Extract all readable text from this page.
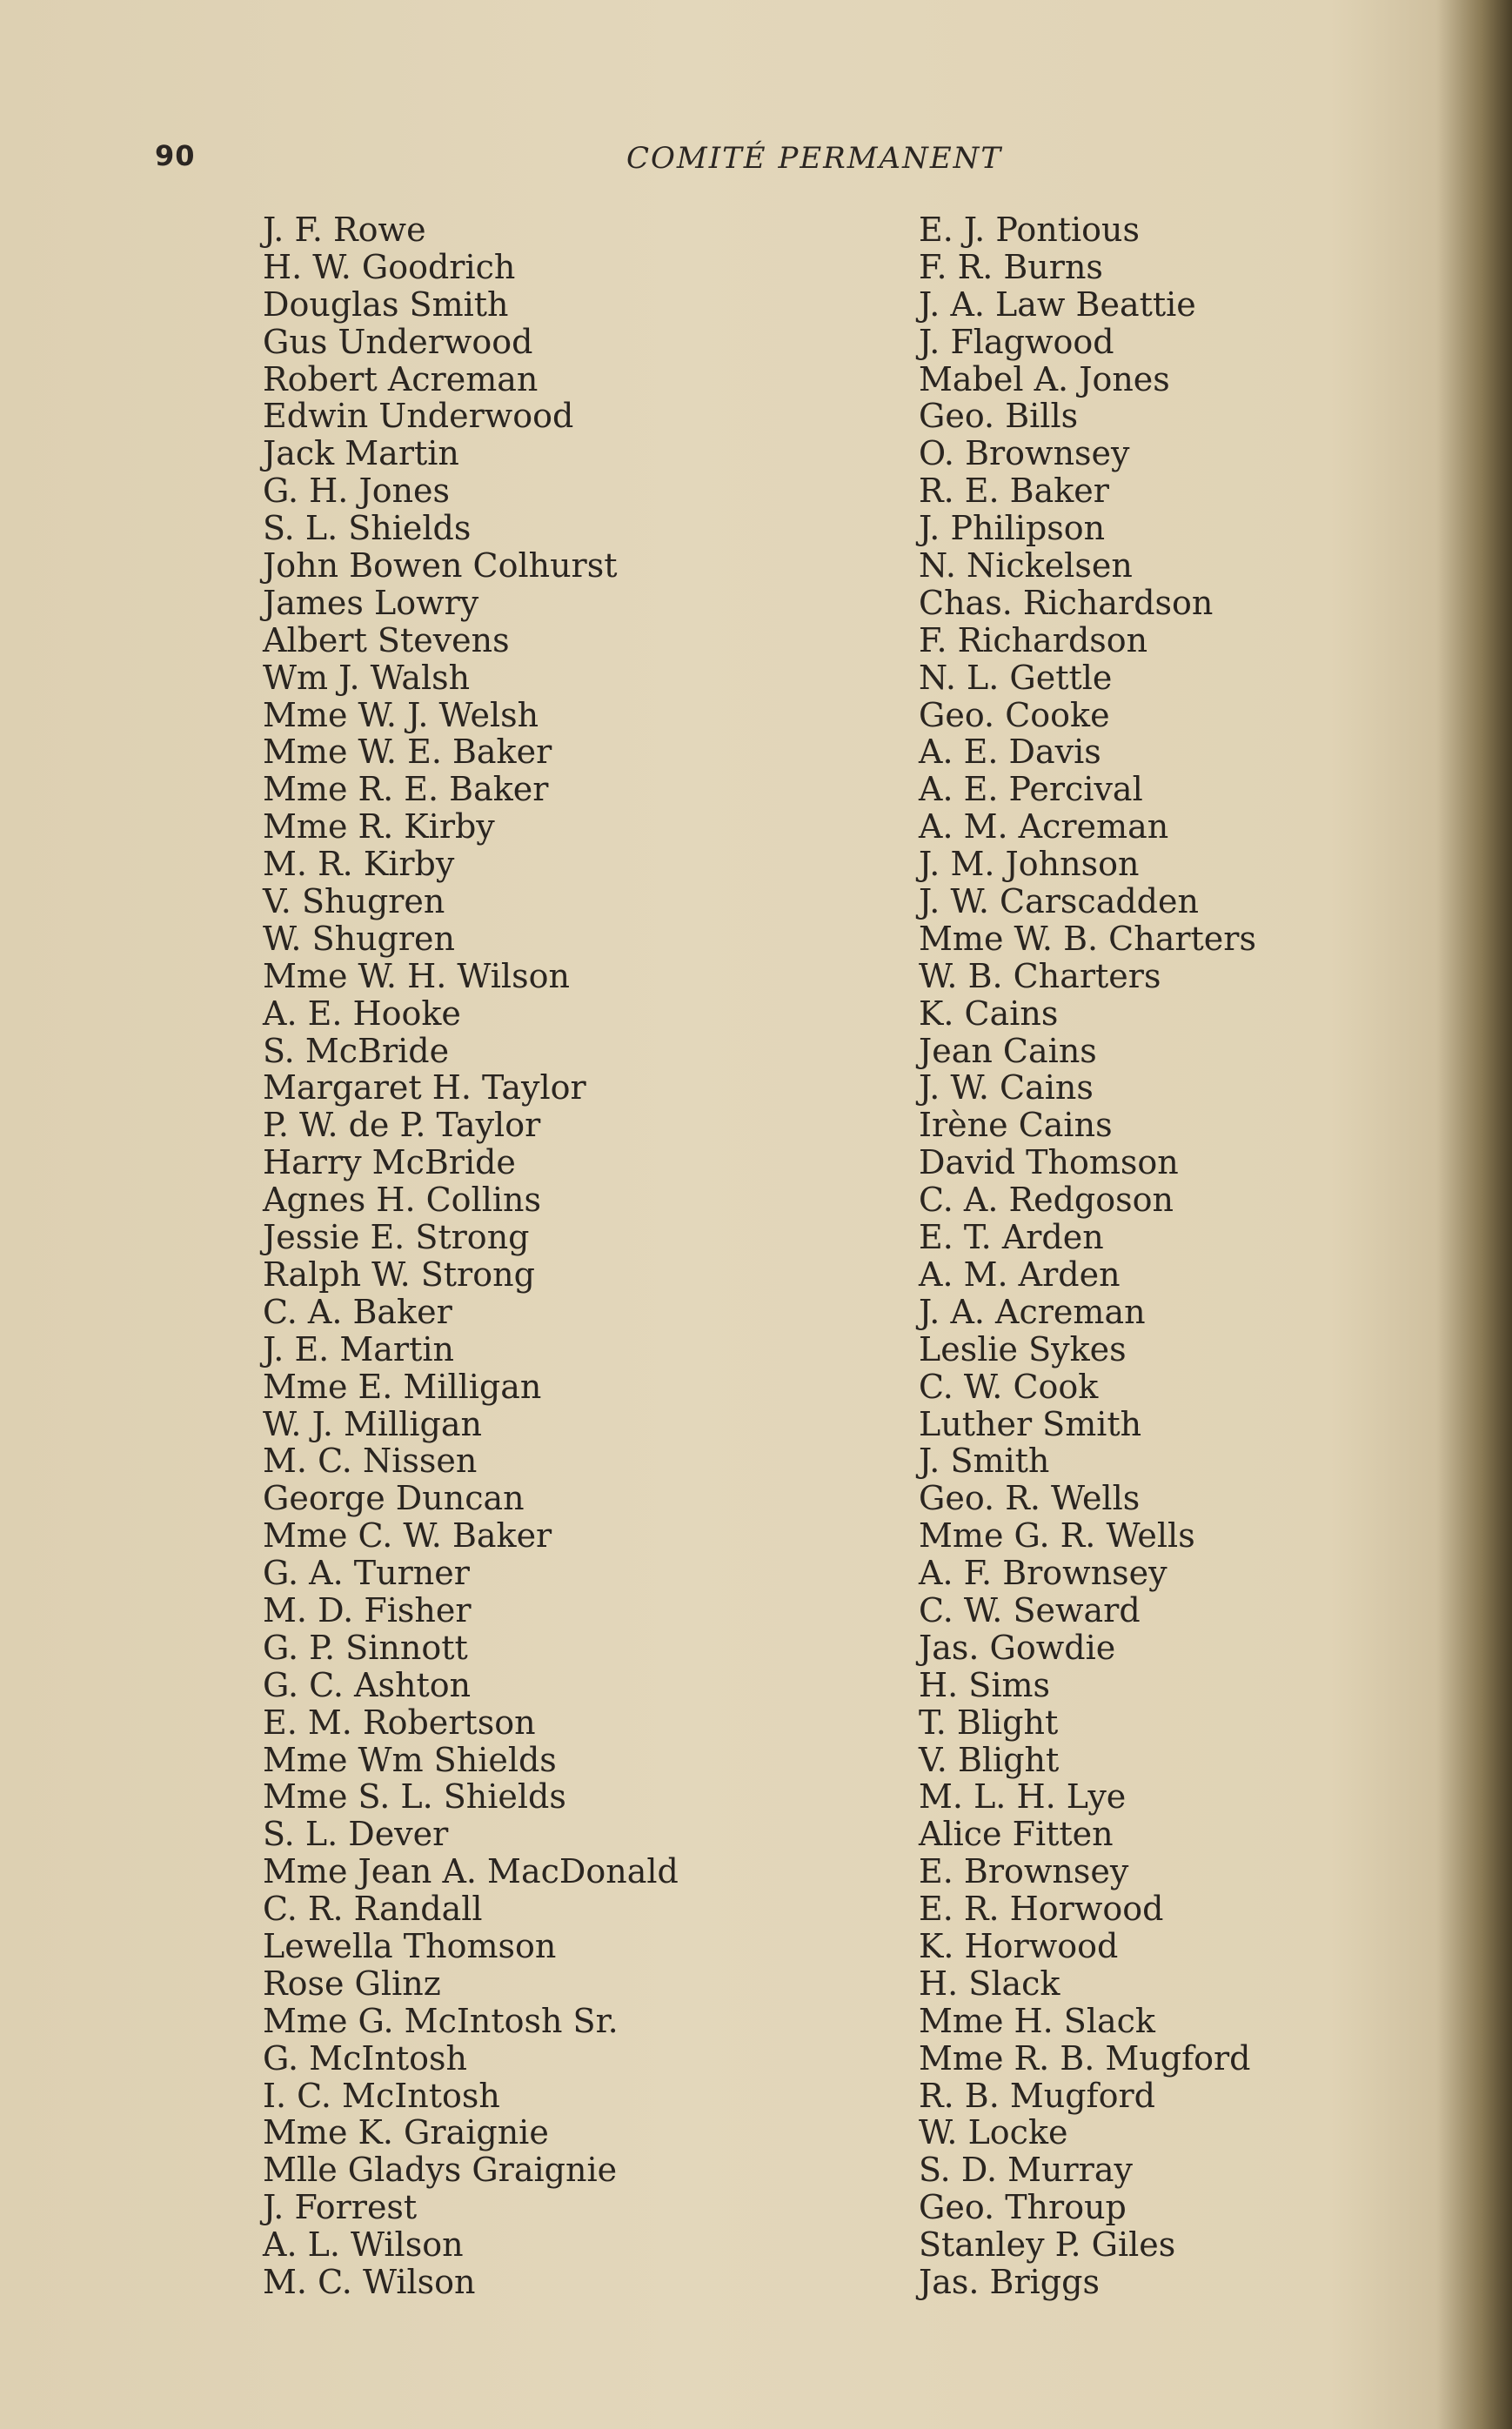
90	COMITÉ PERMANENT
J. F. Rowe
H. W. Goodrich
Douglas Smith
Gus Underwood
Robert Acreman
Edwin Underwood
Jack Martin
G. H. Jones
S. L. Shields
John Bowen Colhurst
James Lowry
Albert Stevens
Wm J. Walsh
Mme W. J. Welsh
Mme W. E. Baker
Mme R. E. Baker
Mme R. Kirby
M. R. Kirby
V. Shugren
W. Shugren
Mme W. H. Wilson
A. E. Hooke
S. McBride
Margaret H. Taylor
P. W. de P. Taylor
Harry McBride
Agnes H. Collins
Jessie E. Strong
Ralph W. Strong
C. A. Baker
J. E. Martin
Mme E. Milligan
W. J. Milligan
M. C. Nissen
George Duncan
Mme C. W. Baker
G. A. Turner
M. D. Fisher
G. P. Sinnott
G. C. Ashton
E. M. Robertson
Mme Wm Shields
Mme S. L. Shields
S. L. Dever
Mme Jean A. MacDonald
C. R. Randall
Lewella Thomson
Rose Glinz
Mme G. McIntosh Sr.
G. McIntosh
I. C. McIntosh
Mme K. Graignie
Mlle Gladys Graignie
J. Forrest
A. L. Wilson
M. C. Wilson
E. J. Pontious
F. R. Burns
J. A. Law Beattie
J. Flagwood
Mabel A. Jones
Geo. Bills
O. Brownsey
R. E. Baker
J. Philipson
N. Nickelsen
Chas. Richardson
F. Richardson
N. L. Gettle
Geo. Cooke
A. E. Davis
A. E. Percival
A. M. Acreman
J. M. Johnson
J. W. Carscadden
Mme W. B. Charters
W. B. Charters
K. Cains
Jean Cains
J. W. Cains
Irène Cains
David Thomson
C. A. Redgoson
E. T. Arden
A. M. Arden
J. A. Acreman
Leslie Sykes
C. W. Cook
Luther Smith
J. Smith
Geo. R. Wells
Mme G. R. Wells
A. F. Brownsey
C. W. Seward
Jas. Gowdie
H. Sims
T. Blight
V. Blight
M. L. H. Lye
Alice Fitten
E. Brownsey
E. R. Horwood
K. Horwood
H. Slack
Mme H. Slack
Mme R. B. Mugford
R. B. Mugford
W. Locke
S. D. Murray
Geo. Throup
Stanley P. Giles
Jas. Briggs
